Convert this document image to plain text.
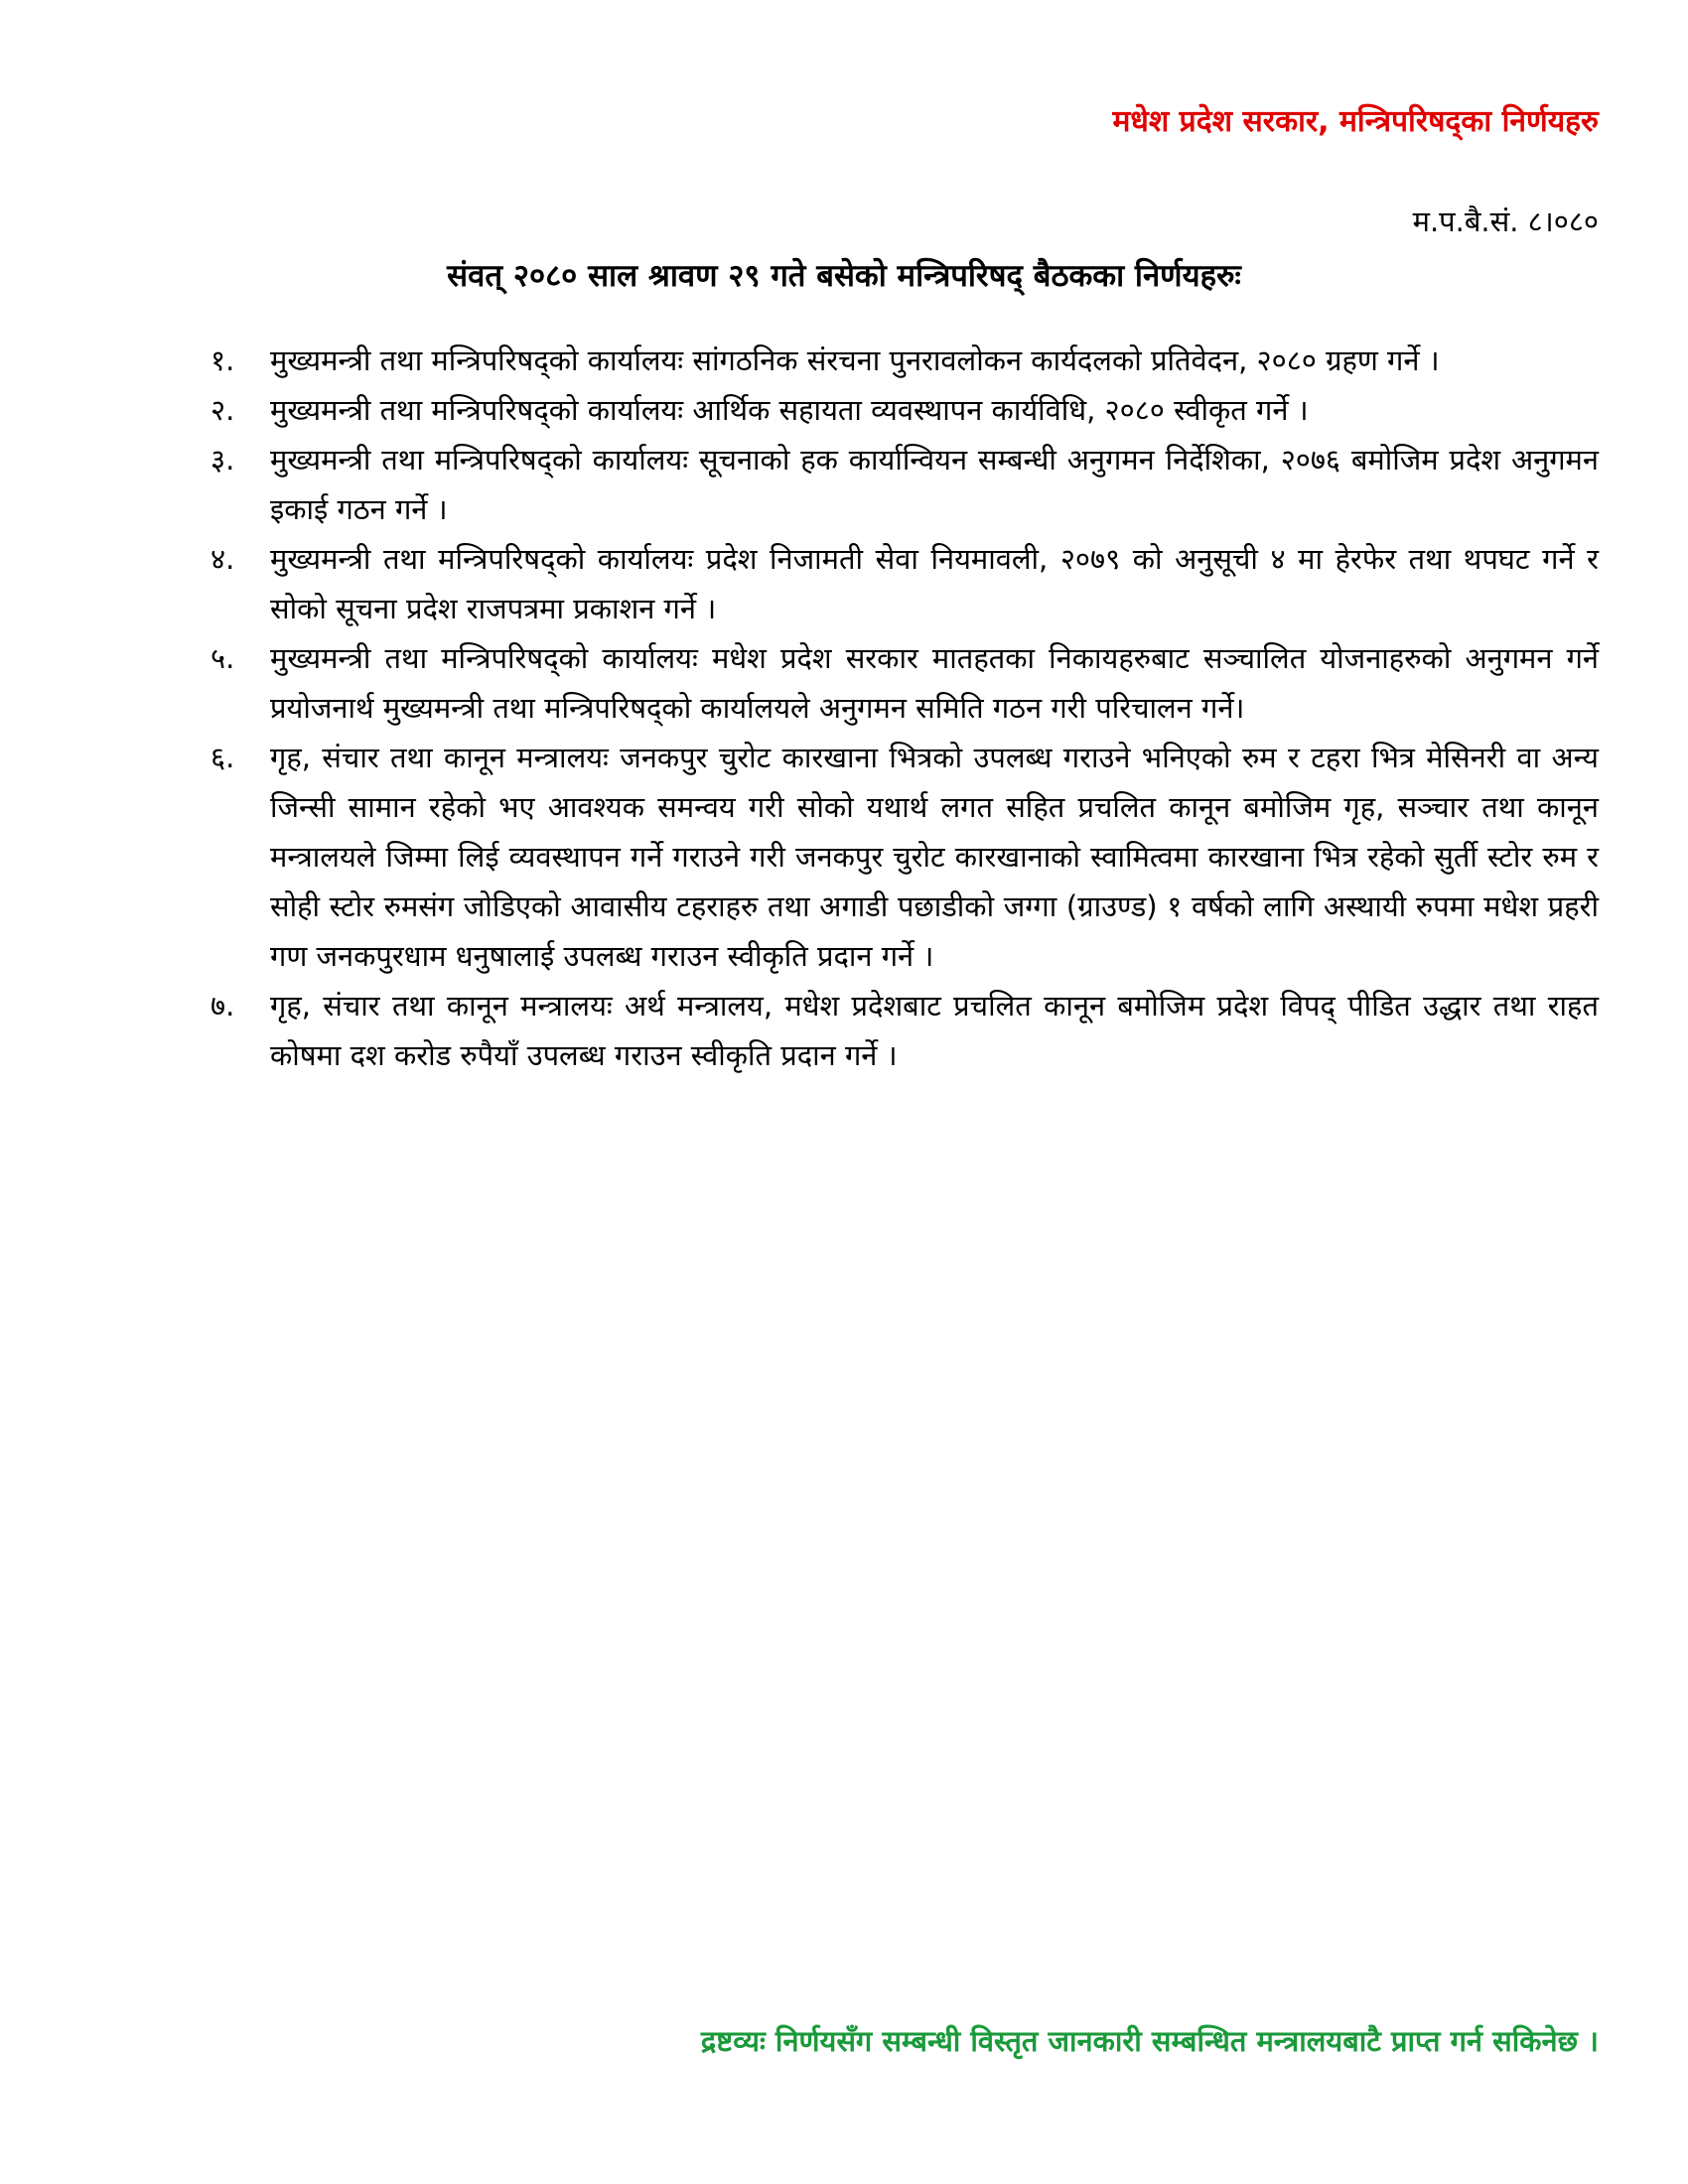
मधेश प्रदेश सरकार, मन्त्रिपरिषद्का निर्णयहरु
म.प.बै.सं. ८।०८०
संवत् २०८० साल श्रावण २९ गते बसेको मन्त्रिपरिषद् बैठकका निर्णयहरुः
१.	मुख्यमन्त्री तथा मन्त्रिपरिषद्को कार्यालयः सांगठनिक संरचना पुनरावलोकन कार्यदलको प्रतिवेदन, २०८० ग्रहण गर्ने ।
२.	मुख्यमन्त्री तथा मन्त्रिपरिषद्को कार्यालयः आर्थिक सहायता व्यवस्थापन कार्यविधि, २०८० स्वीकृत गर्ने ।
३.	मुख्यमन्त्री तथा मन्त्रिपरिषद्को कार्यालयः सूचनाको हक कार्यान्वियन सम्बन्धी अनुगमन निर्देशिका, २०७६ बमोजिम प्रदेश अनुगमन इकाई गठन गर्ने ।
४.	मुख्यमन्त्री तथा मन्त्रिपरिषद्को कार्यालयः प्रदेश निजामती सेवा नियमावली, २०७९ को अनुसूची ४ मा हेरफेर तथा थपघट गर्ने र सोको सूचना प्रदेश राजपत्रमा प्रकाशन गर्ने ।
५.	मुख्यमन्त्री तथा मन्त्रिपरिषद्को कार्यालयः मधेश प्रदेश सरकार मातहतका निकायहरुबाट सञ्चालित योजनाहरुको अनुगमन गर्ने प्रयोजनार्थ मुख्यमन्त्री तथा मन्त्रिपरिषद्को कार्यालयले अनुगमन समिति गठन गरी परिचालन गर्ने।
६.	गृह, संचार तथा कानून मन्त्रालयः जनकपुर चुरोट कारखाना भित्रको उपलब्ध गराउने भनिएको रुम र टहरा भित्र मेसिनरी वा अन्य जिन्सी सामान रहेको भए आवश्यक समन्वय गरी सोको यथार्थ लगत सहित प्रचलित कानून बमोजिम गृह, सञ्चार तथा कानून मन्त्रालयले जिम्मा लिई व्यवस्थापन गर्ने गराउने गरी जनकपुर चुरोट कारखानाको स्वामित्वमा कारखाना भित्र रहेको सुर्ती स्टोर रुम र सोही स्टोर रुमसंग जोडिएको आवासीय टहराहरु तथा अगाडी पछाडीको जग्गा (ग्राउण्ड) १ वर्षको लागि अस्थायी रुपमा मधेश प्रहरी गण जनकपुरधाम धनुषालाई उपलब्ध गराउन स्वीकृति प्रदान गर्ने ।
७.	गृह, संचार तथा कानून मन्त्रालयः अर्थ मन्त्रालय, मधेश प्रदेशबाट प्रचलित कानून बमोजिम प्रदेश विपद् पीडित उद्धार तथा राहत कोषमा दश करोड रुपैयाँ उपलब्ध गराउन स्वीकृति प्रदान गर्ने ।
द्रष्टव्यः निर्णयसँग सम्बन्धी विस्तृत जानकारी सम्बन्धित मन्त्रालयबाटै प्राप्त गर्न सकिनेछ ।
